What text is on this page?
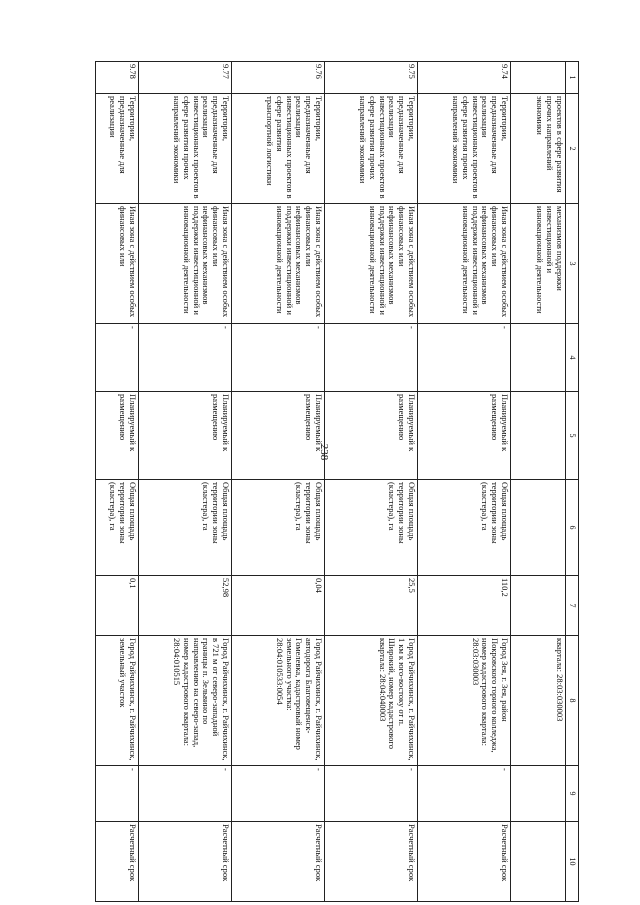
238
1	2	3	4	5	6	7	8	9	10
	проектов в сфере развития прочих направлений экономики	механизмов поддержки инвестиционной и инновационной деятельности					квартала: 28:03:030003		
9.74	Территории, предназначенные для реализации инвестиционных проектов в сфере развития прочих направлений экономики	Иная зона с действием особых финансовых или нефинансовых механизмов поддержки инвестиционной и инновационной деятельности	-	Планируемый к размещению	Общая площадь территории зоны (кластера), га	110,2	Город Зея, г. Зея, район Покровского горного колледжа, номер кадастрового квартала: 28:03:030003	-	Расчетный срок
9.75	Территории, предназначенные для реализации инвестиционных проектов в сфере развития прочих направлений экономики	Иная зона с действием особых финансовых или нефинансовых механизмов поддержки инвестиционной и инновационной деятельности	-	Планируемый к размещению	Общая площадь территории зоны (кластера), га	25,5	Город Райчихинск, г. Райчихинск, 1 км к юго-востоку от п. Широкий, номер кадастрового квартала: 28:04:040003	-	Расчетный срок
9.76	Территории, предназначенные для реализации инвестиционных проектов в сфере развития транспортной логистики	Иная зона с действием особых финансовых или нефинансовых механизмов поддержки инвестиционной и инновационной деятельности	-	Планируемый к размещению	Общая площадь территории зоны (кластера), га	0,04	Город Райчихинск, г. Райчихинск, автодорога Благовещенск-Гомелевка, кадастровый номер земельного участка: 28:04:010533:0054	-	Расчетный срок
9.77	Территории, предназначенные для реализации инвестиционных проектов в сфере развития прочих направлений экономики	Иная зона с действием особых финансовых или нефинансовых механизмов поддержки инвестиционной и инновационной деятельности	-	Планируемый к размещению	Общая площадь территории зоны (кластера), га	52,98	Город Райчихинск, г. Райчихинск, в 721 м от северо-западной границы п. Зельвино по направлению на северо-запад, номер кадастрового квартала: 28:04:010515	-	Расчетный срок
9.78	Территории, предназначенные для реализации	Иная зона с действием особых финансовых или	-	Планируемый к размещению	Общая площадь территории зоны (кластера), га	0,1	Город Райчихинск, г. Райчихинск, земельный участок	-	Расчетный срок
